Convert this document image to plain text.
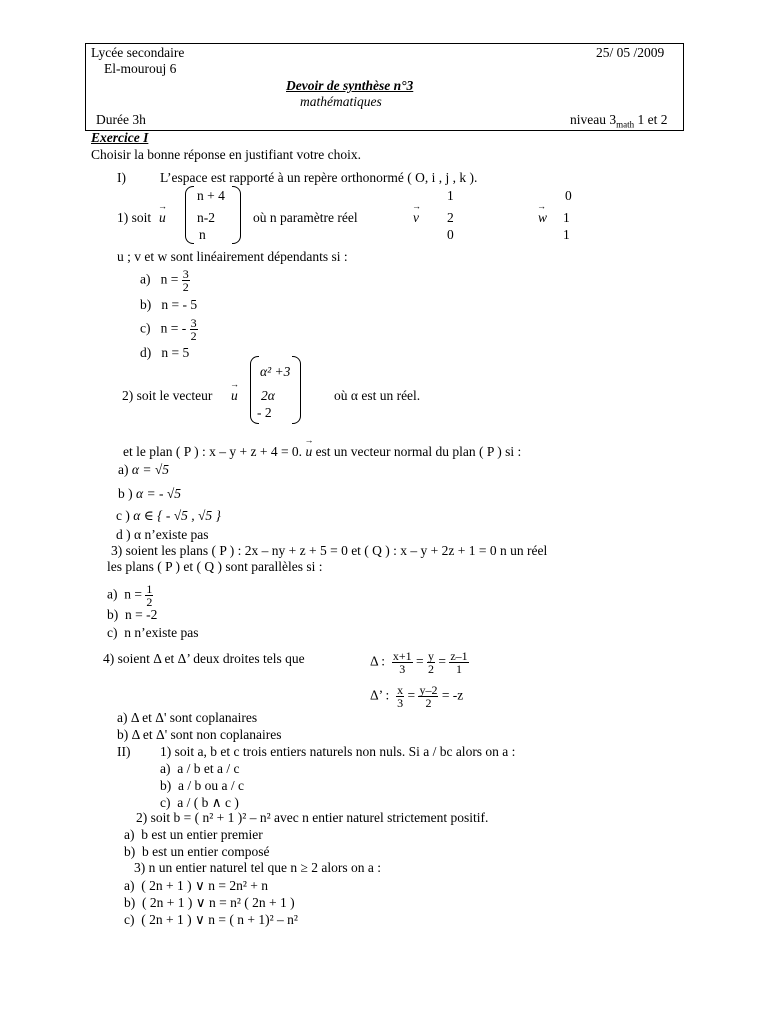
Lycée secondaire
El-mourouj 6
25/ 05 /2009
Devoir de synthèse n°3
mathématiques
Durée 3h	niveau $3_{math}$ 1 et 2
Exercice I
Choisir la bonne réponse en justifiant votre choix.
I)	L’espace est rapporté à un repère orthonormé ( O, i , j , k ).
1) soit → u
n + 4
n-2
n
où n paramètre réel	→ v
1
2
0
→ w
0
1
1
u ; v et w sont linéairement dépendants si :
a) $n = \frac{3}{2}$
b) n = - 5
c) n = - $\frac{3}{2}$
d) n = 5
2) soit le vecteur → u
α² +3
2α
- 2
où α est un réel.
et le plan ( P ) : x – y + z + 4 = 0. → u est un vecteur normal du plan ( P ) si :
a) α = √5
b ) α = - √5
c ) α ∈ { - √5 , √5 }
d ) α n’existe pas
3) soient les plans ( P ) : 2x – ny + z + 5 = 0 et ( Q ) : x – y + 2z + 1 = 0 n un réel
les plans ( P ) et ( Q ) sont parallèles si :
a) $n = \frac{1}{2}$
b) n = -2
c) n n’existe pas
4) soient Δ et Δ’ deux droites tels que	Δ : $\frac{x+1}{3} = \frac{y}{2} = \frac{z-1}{1}$
Δ’ : $\frac{x}{3} = \frac{y-2}{2} = -z$
a) Δ et Δ' sont coplanaires
b) Δ et Δ' sont non coplanaires
II) 1) soit a, b et c trois entiers naturels non nuls. Si a / bc alors on a :
a) a / b et a / c
b) a / b ou a / c
c) a / ( b ∧ c )
2) soit b = ( n² + 1 )² – n² avec n entier naturel strictement positif.
a) b est un entier premier
b) b est un entier composé
3) n un entier naturel tel que n ≥ 2 alors on a :
a) ( 2n + 1 ) ∨ n = 2n² + n
b) ( 2n + 1 ) ∨ n = n² ( 2n + 1 )
c) ( 2n + 1 ) ∨ n = ( n + 1)² – n²
